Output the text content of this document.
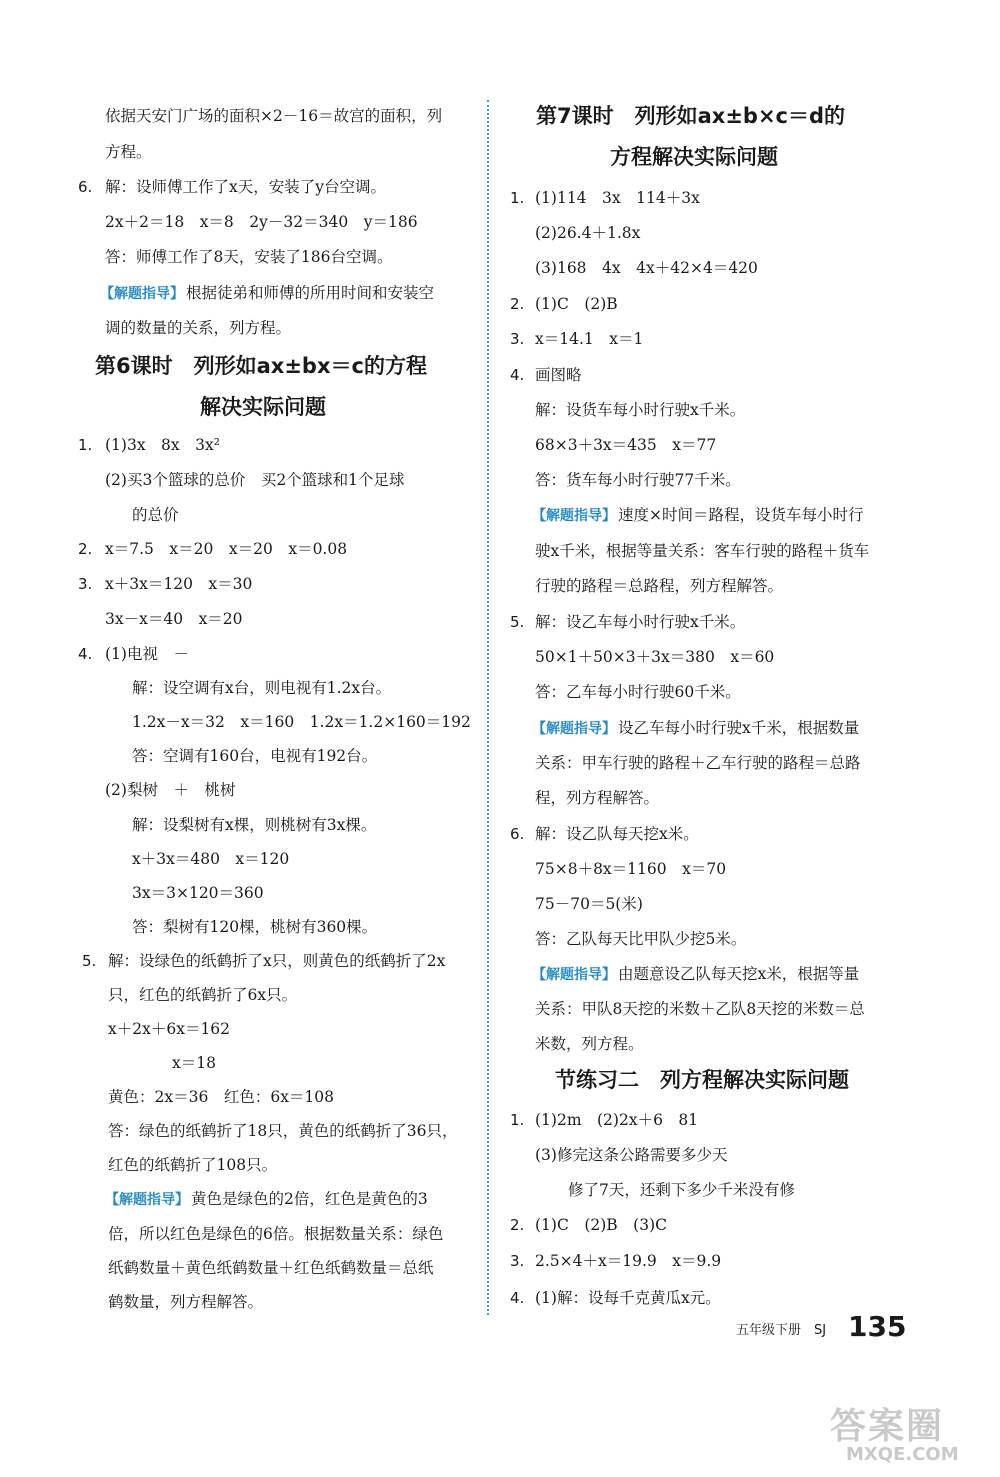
依据天安门广场的面积×2－16＝故宫的面积，列
方程。
6. 解：设师傅工作了x天，安装了y台空调。
2x＋2＝18　x＝8　2y－32＝340　y＝186
答：师傅工作了8天，安装了186台空调。
【解题指导】 根据徒弟和师傅的所用时间和安装空
调的数量的关系，列方程。
第6课时　列形如ax±bx＝c的方程
解决实际问题
1. (1)3x　8x　3x²
(2)买3个篮球的总价　买2个篮球和1个足球
的总价
2. x＝7.5　x＝20　x＝20　x＝0.08
3. x＋3x＝120　x＝30
3x－x＝40　x＝20
4. (1)电视　－
解：设空调有x台，则电视有1.2x台。
1.2x－x＝32　x＝160　1.2x＝1.2×160＝192
答：空调有160台，电视有192台。
(2)梨树　＋　桃树
解：设梨树有x棵，则桃树有3x棵。
x＋3x＝480　x＝120
3x＝3×120＝360
答：梨树有120棵，桃树有360棵。
5. 解：设绿色的纸鹤折了x只，则黄色的纸鹤折了2x
只，红色的纸鹤折了6x只。
x＋2x＋6x＝162
x＝18
黄色：2x＝36　红色：6x＝108
答：绿色的纸鹤折了18只，黄色的纸鹤折了36只，
红色的纸鹤折了108只。
【解题指导】 黄色是绿色的2倍，红色是黄色的3
倍，所以红色是绿色的6倍。根据数量关系：绿色
纸鹤数量＋黄色纸鹤数量＋红色纸鹤数量＝总纸
鹤数量，列方程解答。
第7课时　列形如ax±b×c＝d的
方程解决实际问题
1. (1)114　3x　114＋3x
(2)26.4＋1.8x
(3)168　4x　4x＋42×4＝420
2. (1)C　(2)B
3. x＝14.1　x＝1
4. 画图略
解：设货车每小时行驶x千米。
68×3＋3x＝435　x＝77
答：货车每小时行驶77千米。
【解题指导】 速度×时间＝路程，设货车每小时行
驶x千米，根据等量关系：客车行驶的路程＋货车
行驶的路程＝总路程，列方程解答。
5. 解：设乙车每小时行驶x千米。
50×1＋50×3＋3x＝380　x＝60
答：乙车每小时行驶60千米。
【解题指导】 设乙车每小时行驶x千米，根据数量
关系：甲车行驶的路程＋乙车行驶的路程＝总路
程，列方程解答。
6. 解：设乙队每天挖x米。
75×8＋8x＝1160　x＝70
75－70＝5(米)
答：乙队每天比甲队少挖5米。
【解题指导】 由题意设乙队每天挖x米，根据等量
关系：甲队8天挖的米数＋乙队8天挖的米数＝总
米数，列方程。
节练习二　列方程解决实际问题
1. (1)2m　(2)2x＋6　81
(3)修完这条公路需要多少天
修了7天，还剩下多少千米没有修
2. (1)C　(2)B　(3)C
3. 2.5×4＋x＝19.9　x＝9.9
4. (1)解：设每千克黄瓜x元。
五年级下册　SJ 135
答案圈
MXQE.COM
